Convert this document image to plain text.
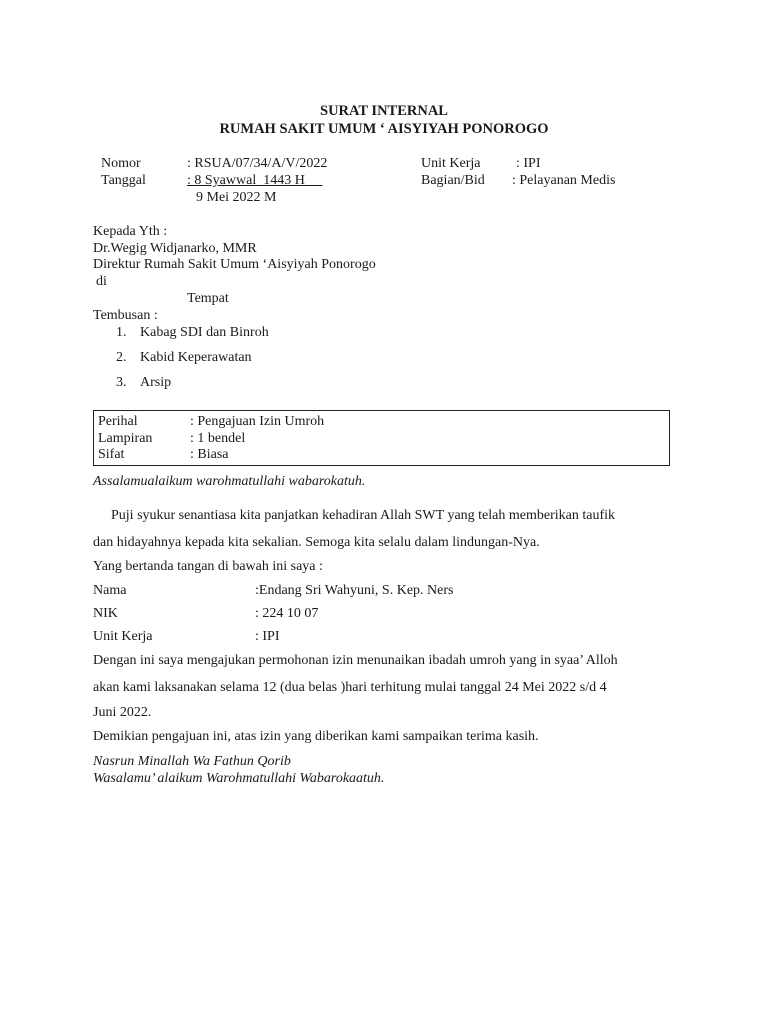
SURAT INTERNAL
RUMAH SAKIT UMUM ‘ AISYIYAH PONOROGO
Nomor	: RSUA/07/34/A/V/2022
Tanggal	: 8 Syawwal  1443 H
9 Mei 2022 M
Unit Kerja	: IPI
Bagian/Bid : Pelayanan Medis
Kepada Yth :
Dr.Wegig Widjanarko, MMR
Direktur Rumah Sakit Umum ‘Aisyiyah Ponorogo
di
Tempat
Tembusan :
1. Kabag SDI dan Binroh
2. Kabid Keperawatan
3. Arsip
Perihal	: Pengajuan Izin Umroh
Lampiran	: 1 bendel
Sifat	: Biasa
Assalamualaikum warohmatullahi wabarokatuh.
Puji syukur senantiasa kita panjatkan kehadiran Allah SWT yang telah memberikan taufik
dan hidayahnya kepada kita sekalian. Semoga kita selalu dalam lindungan-Nya.
Yang bertanda tangan di bawah ini saya :
Nama	:Endang Sri Wahyuni, S. Kep. Ners
NIK	: 224 10 07
Unit Kerja	: IPI
Dengan ini saya mengajukan permohonan izin menunaikan ibadah umroh yang in syaa’ Alloh
akan kami laksanakan selama 12 (dua belas )hari terhitung mulai tanggal 24 Mei 2022 s/d 4
Juni 2022.
Demikian pengajuan ini, atas izin yang diberikan kami sampaikan terima kasih.
Nasrun Minallah Wa Fathun Qorib
Wasalamu’ alaikum Warohmatullahi Wabarokaatuh.
